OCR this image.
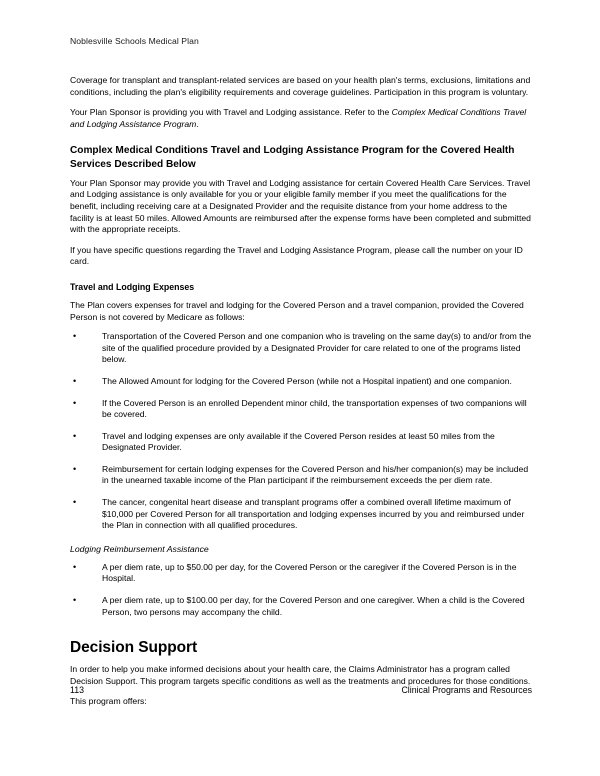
Noblesville Schools Medical Plan

Coverage for transplant and transplant-related services are based on your health plan's terms, exclusions, limitations and conditions, including the plan's eligibility requirements and coverage guidelines. Participation in this program is voluntary.

Your Plan Sponsor is providing you with Travel and Lodging assistance. Refer to the Complex Medical Conditions Travel and Lodging Assistance Program.

Complex Medical Conditions Travel and Lodging Assistance Program for the Covered Health Services Described Below

Your Plan Sponsor may provide you with Travel and Lodging assistance for certain Covered Health Care Services. Travel and Lodging assistance is only available for you or your eligible family member if you meet the qualifications for the benefit, including receiving care at a Designated Provider and the requisite distance from your home address to the facility is at least 50 miles. Allowed Amounts are reimbursed after the expense forms have been completed and submitted with the appropriate receipts.

If you have specific questions regarding the Travel and Lodging Assistance Program, please call the number on your ID card.

Travel and Lodging Expenses

The Plan covers expenses for travel and lodging for the Covered Person and a travel companion, provided the Covered Person is not covered by Medicare as follows:

•	Transportation of the Covered Person and one companion who is traveling on the same day(s) to and/or from the site of the qualified procedure provided by a Designated Provider for care related to one of the programs listed below.
•	The Allowed Amount for lodging for the Covered Person (while not a Hospital inpatient) and one companion.
•	If the Covered Person is an enrolled Dependent minor child, the transportation expenses of two companions will be covered.
•	Travel and lodging expenses are only available if the Covered Person resides at least 50 miles from the Designated Provider.
•	Reimbursement for certain lodging expenses for the Covered Person and his/her companion(s) may be included in the unearned taxable income of the Plan participant if the reimbursement exceeds the per diem rate.
•	The cancer, congenital heart disease and transplant programs offer a combined overall lifetime maximum of $10,000 per Covered Person for all transportation and lodging expenses incurred by you and reimbursed under the Plan in connection with all qualified procedures.
Lodging Reimbursement Assistance
•	A per diem rate, up to $50.00 per day, for the Covered Person or the caregiver if the Covered Person is in the Hospital.
•	A per diem rate, up to $100.00 per day, for the Covered Person and one caregiver. When a child is the Covered Person, two persons may accompany the child.
Decision Support

In order to help you make informed decisions about your health care, the Claims Administrator has a program called Decision Support. This program targets specific conditions as well as the treatments and procedures for those conditions.

This program offers:

113	Clinical Programs and Resources
